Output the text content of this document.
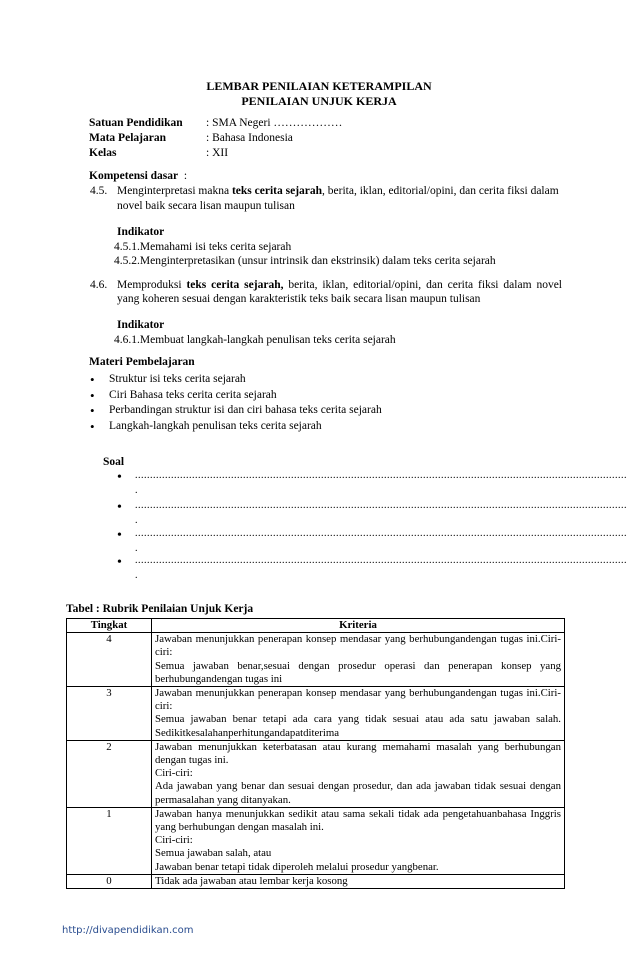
LEMBAR PENILAIAN KETERAMPILAN
PENILAIAN UNJUK KERJA
Satuan Pendidikan : SMA Negeri ………………
Mata Pelajaran	: Bahasa Indonesia
Kelas	: XII
Kompetensi dasar :
4.5. Menginterpretasi makna teks cerita sejarah, berita, iklan, editorial/opini, dan cerita fiksi dalam
novel baik secara lisan maupun tulisan
Indikator
4.5.1.Memahami isi teks cerita sejarah
4.5.2.Menginterpretasikan (unsur intrinsik dan ekstrinsik) dalam teks cerita sejarah
4.6. Memproduksi teks cerita sejarah, berita, iklan, editorial/opini, dan cerita fiksi dalam novel
yang koheren sesuai dengan karakteristik teks baik secara lisan maupun tulisan
Indikator
4.6.1.Membuat langkah-langkah penulisan teks cerita sejarah
Materi Pembelajaran
• Struktur isi teks cerita sejarah
• Ciri Bahasa teks cerita cerita sejarah
• Perbandingan struktur isi dan ciri bahasa teks cerita sejarah
• Langkah-langkah penulisan teks cerita sejarah
Soal
• ....................................................................................................................................................................
.
• ....................................................................................................................................................................
.
• ....................................................................................................................................................................
.
• ....................................................................................................................................................................
.
Tabel : Rubrik Penilaian Unjuk Kerja
Tingkat	Kriteria
4	Jawaban menunjukkan penerapan konsep mendasar yang berhubungandengan tugas ini.Ciri-ciri:
Semua jawaban benar,sesuai dengan prosedur operasi dan penerapan konsep yang berhubungandengan tugas ini

3	Jawaban menunjukkan penerapan konsep mendasar yang berhubungandengan tugas ini.Ciri-ciri:
Semua jawaban benar tetapi ada cara yang tidak sesuai atau ada satu jawaban salah. Sedikitkesalahanperhitungandapatditerima

2	Jawaban menunjukkan keterbatasan atau kurang memahami masalah yang berhubungan dengan tugas ini.
Ciri-ciri:
Ada jawaban yang benar dan sesuai dengan prosedur, dan ada jawaban tidak sesuai dengan permasalahan yang ditanyakan.

1	Jawaban hanya menunjukkan sedikit atau sama sekali tidak ada pengetahuanbahasa Inggris yang berhubungan dengan masalah ini.
Ciri-ciri:
Semua jawaban salah, atau
Jawaban benar tetapi tidak diperoleh melalui prosedur yangbenar.

0	Tidak ada jawaban atau lembar kerja kosong
http://divapendidikan.com
